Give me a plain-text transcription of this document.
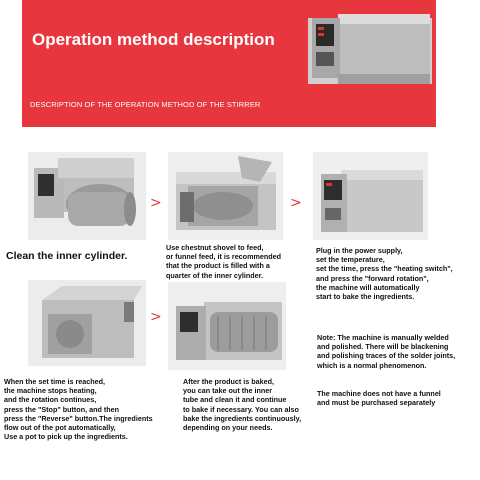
Operation method description
DESCRIPTION OF THE OPERATION METHOD OF THE STIRRER
>	>
Clean the inner cylinder.
Use chestnut shovel to feed,
or funnel feed, it is recommended
that the product is filled with a
quarter of the inner cylinder.
Plug in the power supply,
set the temperature,
set the time, press the "heating switch",
and press the "forward rotation",
the machine will automatically
start to bake the ingredients.
>
Note: The machine is manually welded
and polished. There will be blackening
and polishing traces of the solder joints,
which is a normal phenomenon.
The machine does not have a funnel
and must be purchased separately
When the set time is reached,
the machine stops heating,
and the rotation continues,
press the "Stop" button, and then
press the "Reverse" button.The ingredients
flow out of the pot automatically,
Use a pot to pick up the ingredients.
After the product is baked,
you can take out the inner
tube and clean it and continue
to bake if necessary. You can also
bake the ingredients continuously,
depending on your needs.
